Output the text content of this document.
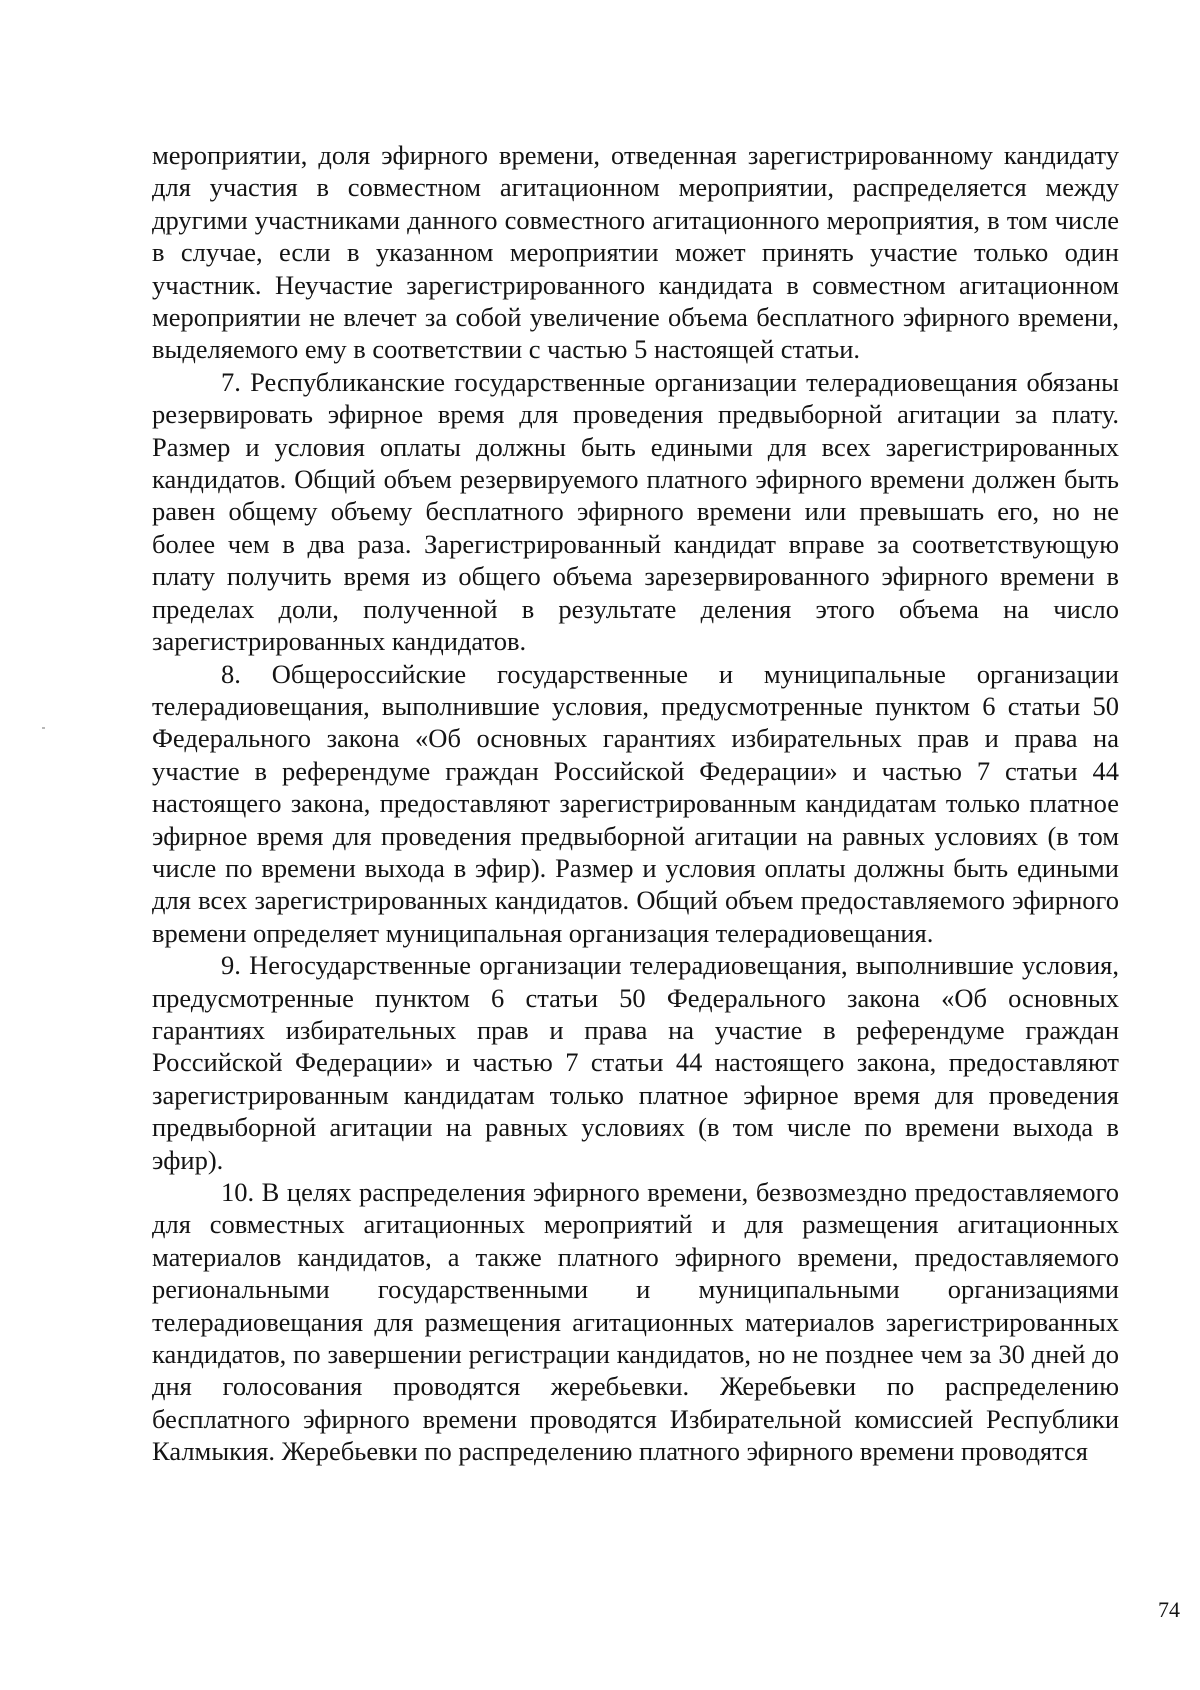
мероприятии, доля эфирного времени, отведенная зарегистрированному кандидату для участия в совместном агитационном мероприятии, распределяется между другими участниками данного совместного агитационного мероприятия, в том числе в случае, если в указанном мероприятии может принять участие только один участник. Неучастие зарегистрированного кандидата в совместном агитационном мероприятии не влечет за собой увеличение объема бесплатного эфирного времени, выделяемого ему в соответствии с частью 5 настоящей статьи.

7. Республиканские государственные организации телерадиовещания обязаны резервировать эфирное время для проведения предвыборной агитации за плату. Размер и условия оплаты должны быть едиными для всех зарегистрированных кандидатов. Общий объем резервируемого платного эфирного времени должен быть равен общему объему бесплатного эфирного времени или превышать его, но не более чем в два раза. Зарегистрированный кандидат вправе за соответствующую плату получить время из общего объема зарезервированного эфирного времени в пределах доли, полученной в результате деления этого объема на число зарегистрированных кандидатов.

8. Общероссийские государственные и муниципальные организации телерадиовещания, выполнившие условия, предусмотренные пунктом 6 статьи 50 Федерального закона «Об основных гарантиях избирательных прав и права на участие в референдуме граждан Российской Федерации» и частью 7 статьи 44 настоящего закона, предоставляют зарегистрированным кандидатам только платное эфирное время для проведения предвыборной агитации на равных условиях (в том числе по времени выхода в эфир). Размер и условия оплаты должны быть едиными для всех зарегистрированных кандидатов. Общий объем предоставляемого эфирного времени определяет муниципальная организация телерадиовещания.

9. Негосударственные организации телерадиовещания, выполнившие условия, предусмотренные пунктом 6 статьи 50 Федерального закона «Об основных гарантиях избирательных прав и права на участие в референдуме граждан Российской Федерации» и частью 7 статьи 44 настоящего закона, предоставляют зарегистрированным кандидатам только платное эфирное время для проведения предвыборной агитации на равных условиях (в том числе по времени выхода в эфир).

10. В целях распределения эфирного времени, безвозмездно предоставляемого для совместных агитационных мероприятий и для размещения агитационных материалов кандидатов, а также платного эфирного времени, предоставляемого региональными государственными и муниципальными организациями телерадиовещания для размещения агитационных материалов зарегистрированных кандидатов, по завершении регистрации кандидатов, но не позднее чем за 30 дней до дня голосования проводятся жеребьевки. Жеребьевки по распределению бесплатного эфирного времени проводятся Избирательной комиссией Республики Калмыкия. Жеребьевки по распределению платного эфирного времени проводятся

74
